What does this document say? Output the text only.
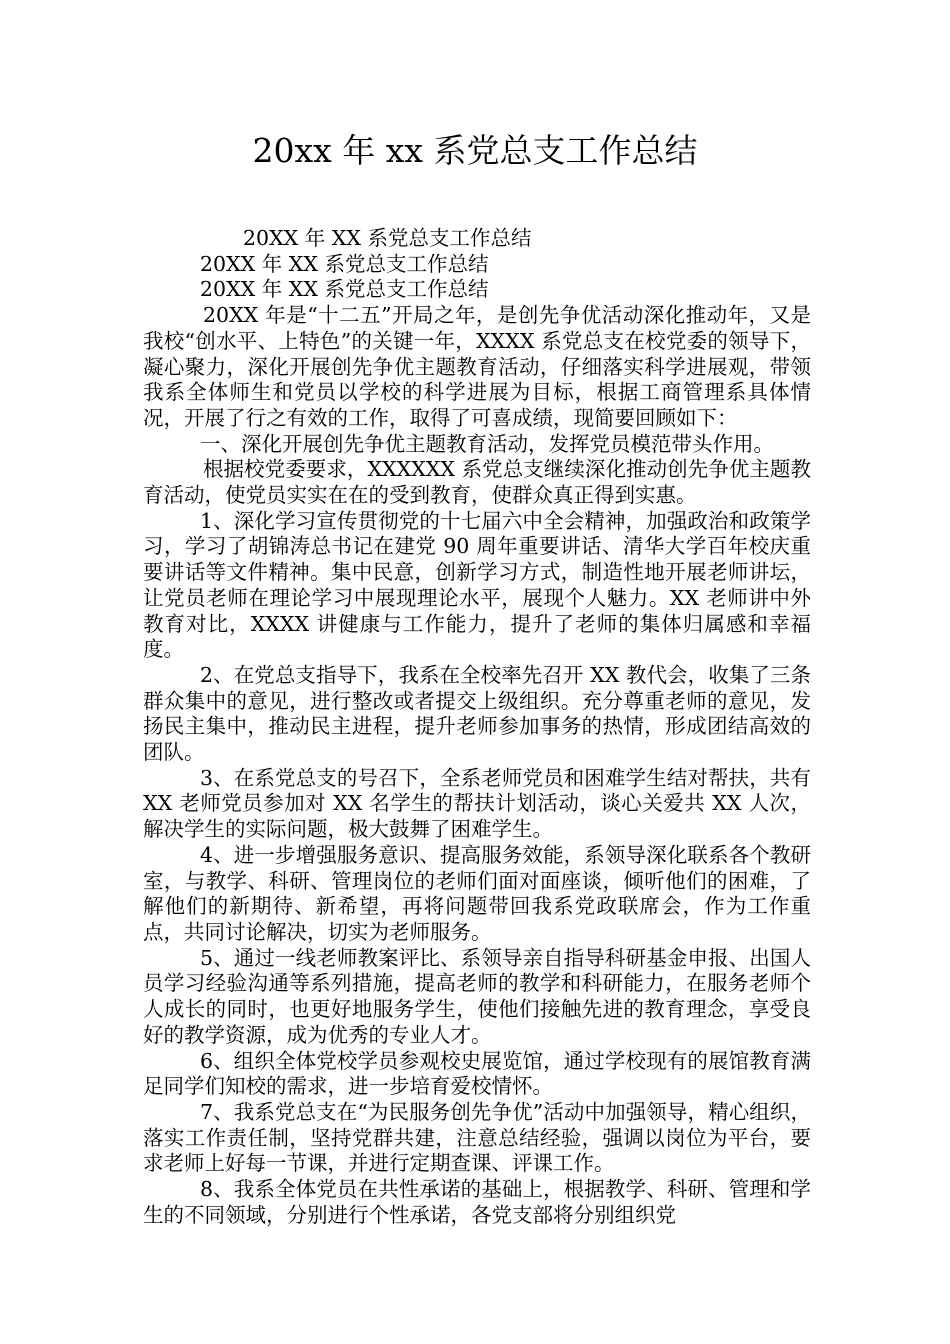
20xx 年 xx 系党总支工作总结

20XX 年 XX 系党总支工作总结

20XX 年 XX 系党总支工作总结

20XX 年 XX 系党总支工作总结

20XX 年是“十二五”开局之年，是创先争优活动深化推动年，又是我校“创水平、上特色”的关键一年，XXXX 系党总支在校党委的领导下，凝心聚力，深化开展创先争优主题教育活动，仔细落实科学进展观，带领我系全体师生和党员以学校的科学进展为目标，根据工商管理系具体情况，开展了行之有效的工作，取得了可喜成绩，现简要回顾如下：

一、深化开展创先争优主题教育活动，发挥党员模范带头作用。

根据校党委要求，XXXXXX 系党总支继续深化推动创先争优主题教育活动，使党员实实在在的受到教育，使群众真正得到实惠。

1、深化学习宣传贯彻党的十七届六中全会精神，加强政治和政策学习，学习了胡锦涛总书记在建党 90 周年重要讲话、清华大学百年校庆重要讲话等文件精神。集中民意，创新学习方式，制造性地开展老师讲坛，让党员老师在理论学习中展现理论水平，展现个人魅力。XX 老师讲中外教育对比，XXXX 讲健康与工作能力，提升了老师的集体归属感和幸福度。

2、在党总支指导下，我系在全校率先召开 XX 教代会，收集了三条群众集中的意见，进行整改或者提交上级组织。充分尊重老师的意见，发扬民主集中，推动民主进程，提升老师参加事务的热情，形成团结高效的团队。

3、在系党总支的号召下，全系老师党员和困难学生结对帮扶，共有 XX 老师党员参加对 XX 名学生的帮扶计划活动，谈心关爱共 XX 人次，解决学生的实际问题，极大鼓舞了困难学生。

4、进一步增强服务意识、提高服务效能，系领导深化联系各个教研室，与教学、科研、管理岗位的老师们面对面座谈，倾听他们的困难，了解他们的新期待、新希望，再将问题带回我系党政联席会，作为工作重点，共同讨论解决，切实为老师服务。

5、通过一线老师教案评比、系领导亲自指导科研基金申报、出国人员学习经验沟通等系列措施，提高老师的教学和科研能力，在服务老师个人成长的同时，也更好地服务学生，使他们接触先进的教育理念，享受良好的教学资源，成为优秀的专业人才。

6、组织全体党校学员参观校史展览馆，通过学校现有的展馆教育满足同学们知校的需求，进一步培育爱校情怀。

7、我系党总支在“为民服务创先争优”活动中加强领导，精心组织，落实工作责任制，坚持党群共建，注意总结经验，强调以岗位为平台，要求老师上好每一节课，并进行定期查课、评课工作。

8、我系全体党员在共性承诺的基础上，根据教学、科研、管理和学生的不同领域，分别进行个性承诺，各党支部将分别组织党
